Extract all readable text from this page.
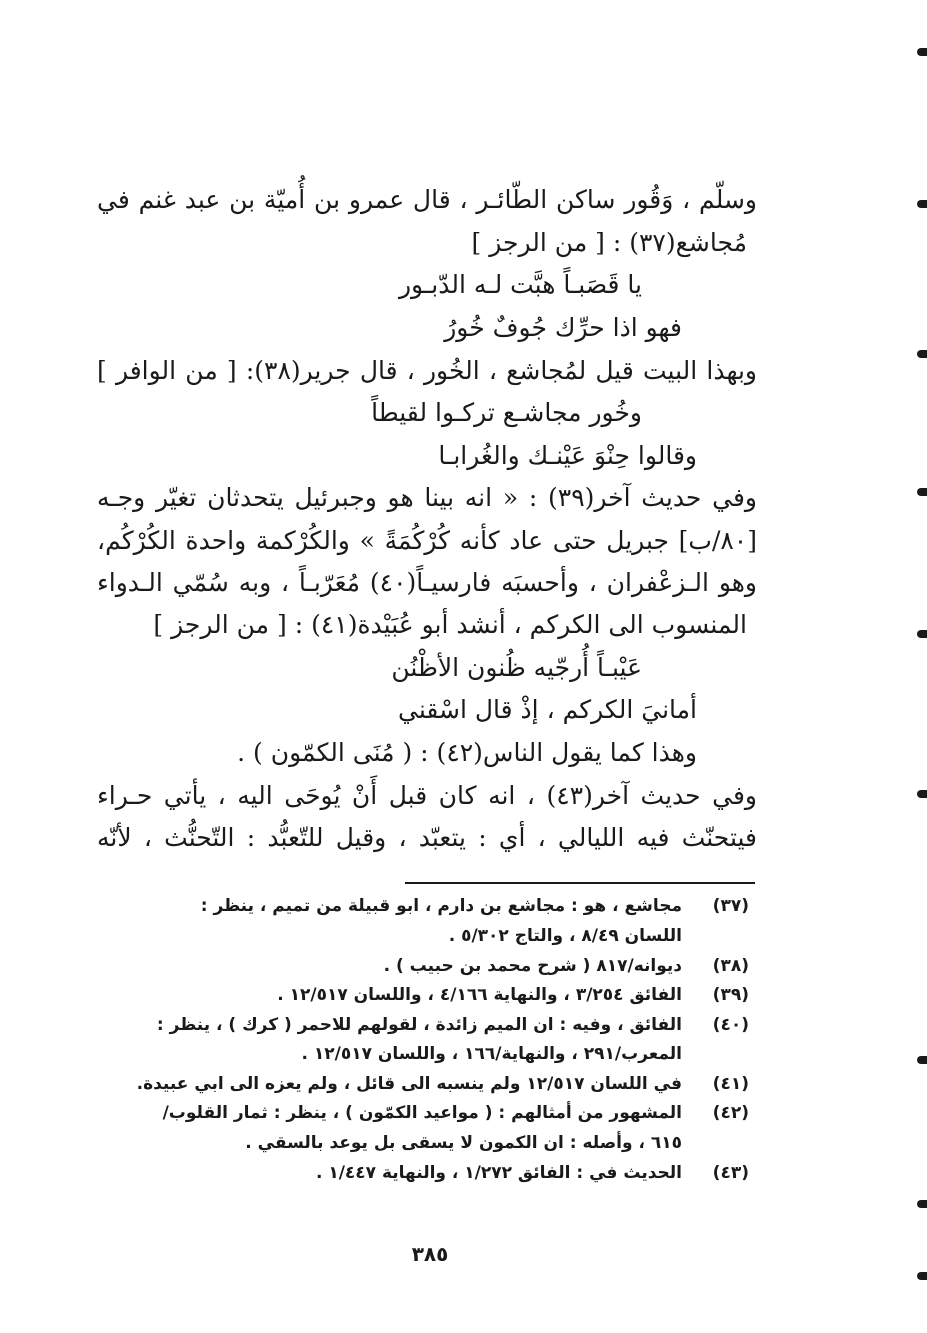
وسلّم ، وَقُور ساكن الطّائـر ، قال عمرو بن أُميّة بن عبد غنم في
مُجاشع(٣٧) : [ من الرجز ]
يا قَصَبـاً هبَّت لـه الدّبـور
فهو اذا حرِّك جُوفٌ خُورُ
وبهذا البيت قيل لمُجاشع ، الخُور ، قال جرير(٣٨): [ من الوافر ]
وخُور مجاشـع تركـوا لقيطاً
وقالوا حِنْوَ عَيْنـك والغُرابـا
وفي حديث آخر(٣٩) : « انه بينا هو وجبرئيل يتحدثان تغيّر وجـه
[٨٠/ب] جبريل حتى عاد كأنه كُرْكُمَةً » والكُرْكمة واحدة الكُرْكُم،
وهو الـزعْفران ، وأحسبَه فارسيـاً(٤٠) مُعَرّبـاً ، وبه سُمّي الـدواء
المنسوب الى الكركم ، أنشد أبو عُبَيْدة(٤١) : [ من الرجز ]
عَيْبـاً أُرجّيه ظُنون الأظْنُن
أمانيَ الكركم ، إذْ قال اسْقني
وهذا كما يقول الناس(٤٢) : ( مُنَى الكمّون ) .
وفي حديث آخر(٤٣) ، انه كان قبل أَنْ يُوحَى اليه ، يأتي حـراء
فيتحنّث فيه الليالي ، أي : يتعبّد ، وقيل للتّعبُّد : التّحنُّث ، لأنّه
(٣٧)
مجاشع ، هو : مجاشع بن دارم ، ابو قبيلة من تميم ، ينظر :
اللسان ٨/٤٩ ، والتاج ٥/٣٠٢ .
(٣٨)
ديوانه/٨١٧ ( شرح محمد بن حبيب ) .
(٣٩)
الفائق ٣/٢٥٤ ، والنهاية ٤/١٦٦ ، واللسان ١٢/٥١٧ .
(٤٠)
الفائق ، وفيه : ان الميم زائدة ، لقولهم للاحمر ( كرك ) ، ينظر :
المعرب/٢٩١ ، والنهاية/١٦٦ ، واللسان ١٢/٥١٧ .
(٤١)
في اللسان ١٢/٥١٧ ولم ينسبه الى قائل ، ولم يعزه الى ابي عبيدة.
(٤٢)
المشهور من أمثالهم : ( مواعيد الكمّون ) ، ينظر : ثمار القلوب/
٦١٥ ، وأصله : ان الكمون لا يسقى بل يوعد بالسقي .
(٤٣)
الحديث في : الفائق ١/٢٧٢ ، والنهاية ١/٤٤٧ .
٣٨٥
